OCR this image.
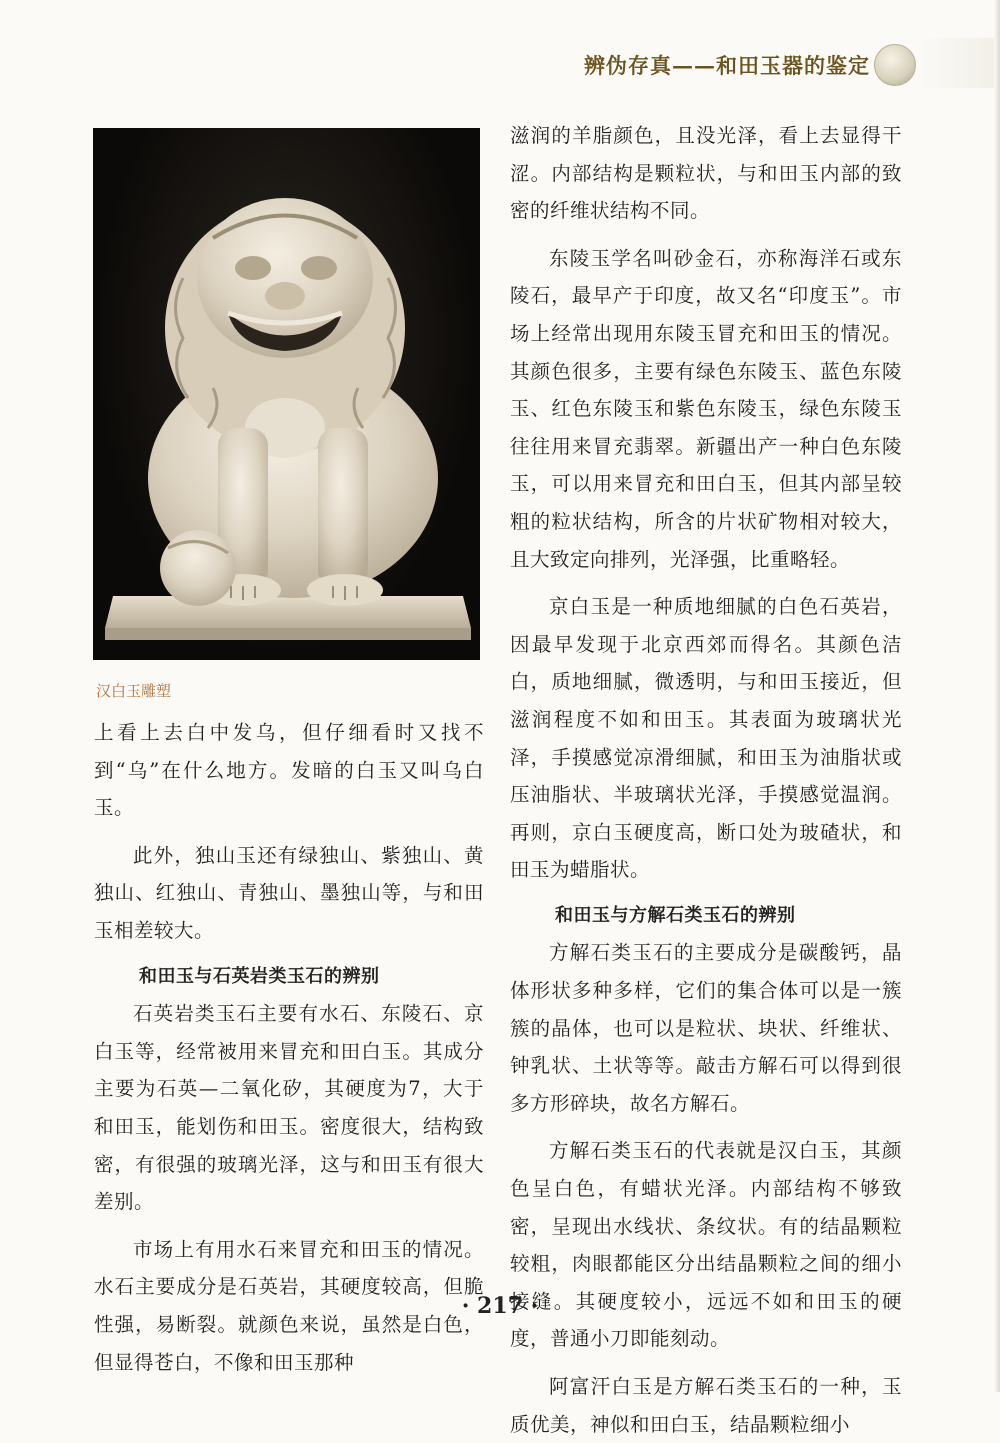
辨伪存真——和田玉器的鉴定
汉白玉雕塑

上看上去白中发乌，但仔细看时又找不到“乌”在什么地方。发暗的白玉又叫乌白玉。

此外，独山玉还有绿独山、紫独山、黄独山、红独山、青独山、墨独山等，与和田玉相差较大。

和田玉与石英岩类玉石的辨别

石英岩类玉石主要有水石、东陵石、京白玉等，经常被用来冒充和田白玉。其成分主要为石英—二氧化矽，其硬度为7，大于和田玉，能划伤和田玉。密度很大，结构致密，有很强的玻璃光泽，这与和田玉有很大差别。

市场上有用水石来冒充和田玉的情况。水石主要成分是石英岩，其硬度较高，但脆性强，易断裂。就颜色来说，虽然是白色，但显得苍白，不像和田玉那种

滋润的羊脂颜色，且没光泽，看上去显得干涩。内部结构是颗粒状，与和田玉内部的致密的纤维状结构不同。

东陵玉学名叫砂金石，亦称海洋石或东陵石，最早产于印度，故又名“印度玉”。市场上经常出现用东陵玉冒充和田玉的情况。其颜色很多，主要有绿色东陵玉、蓝色东陵玉、红色东陵玉和紫色东陵玉，绿色东陵玉往往用来冒充翡翠。新疆出产一种白色东陵玉，可以用来冒充和田白玉，但其内部呈较粗的粒状结构，所含的片状矿物相对较大，且大致定向排列，光泽强，比重略轻。

京白玉是一种质地细腻的白色石英岩，因最早发现于北京西郊而得名。其颜色洁白，质地细腻，微透明，与和田玉接近，但滋润程度不如和田玉。其表面为玻璃状光泽，手摸感觉凉滑细腻，和田玉为油脂状或压油脂状、半玻璃状光泽，手摸感觉温润。再则，京白玉硬度高，断口处为玻碴状，和田玉为蜡脂状。

和田玉与方解石类玉石的辨别

方解石类玉石的主要成分是碳酸钙，晶体形状多种多样，它们的集合体可以是一簇簇的晶体，也可以是粒状、块状、纤维状、钟乳状、土状等等。敲击方解石可以得到很多方形碎块，故名方解石。

方解石类玉石的代表就是汉白玉，其颜色呈白色，有蜡状光泽。内部结构不够致密，呈现出水线状、条纹状。有的结晶颗粒较粗，肉眼都能区分出结晶颗粒之间的细小接缝。其硬度较小，远远不如和田玉的硬度，普通小刀即能刻动。

阿富汗白玉是方解石类玉石的一种，玉质优美，神似和田白玉，结晶颗粒细小

· 217 ·
